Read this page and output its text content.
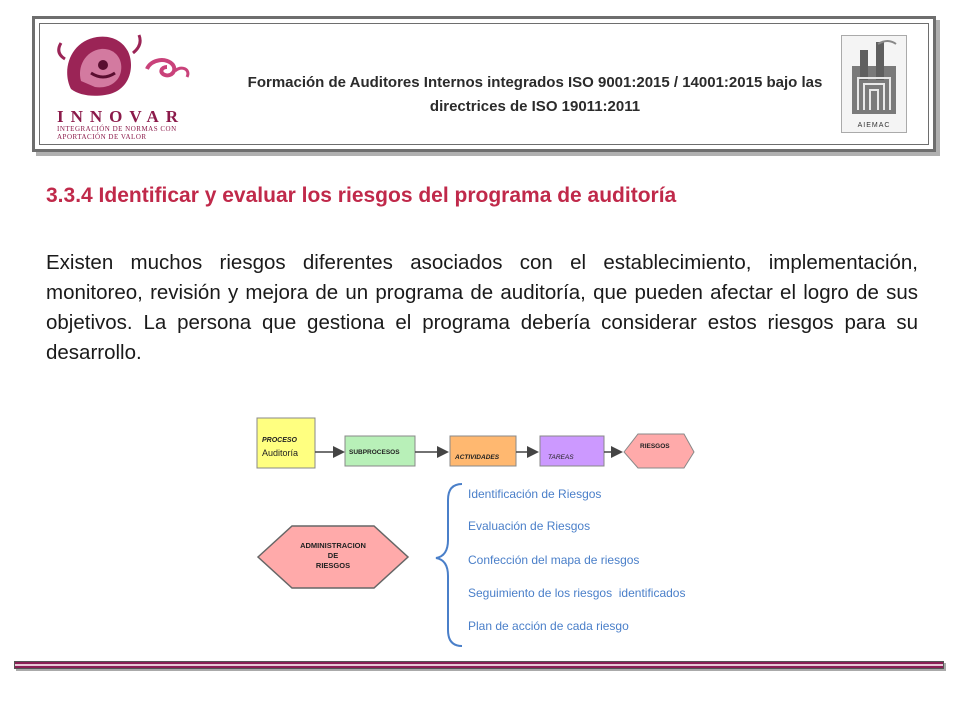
INNOVAR
INTEGRACIÓN DE NORMAS CON APORTACIÓN DE VALOR
Formación de Auditores Internos integrados ISO 9001:2015 / 14001:2015 bajo las directrices de ISO 19011:2011
AIEMAC
3.3.4 Identificar y evaluar los riesgos del programa de auditoría
Existen muchos riesgos diferentes asociados con el establecimiento, implementación, monitoreo, revisión y mejora de un programa de auditoría, que pueden afectar el logro de sus objetivos. La persona que gestiona el programa debería considerar estos riesgos para su desarrollo.
PROCESO
Auditoría	SUBPROCESOS
ACTIVIDADES	TAREAS
RIESGOS
ADMINISTRACION
DE
RIESGOS
Identificación de Riesgos
Evaluación de Riesgos
Confección del mapa de riesgos
Seguimiento de los riesgos  identificados
Plan de acción de cada riesgo
